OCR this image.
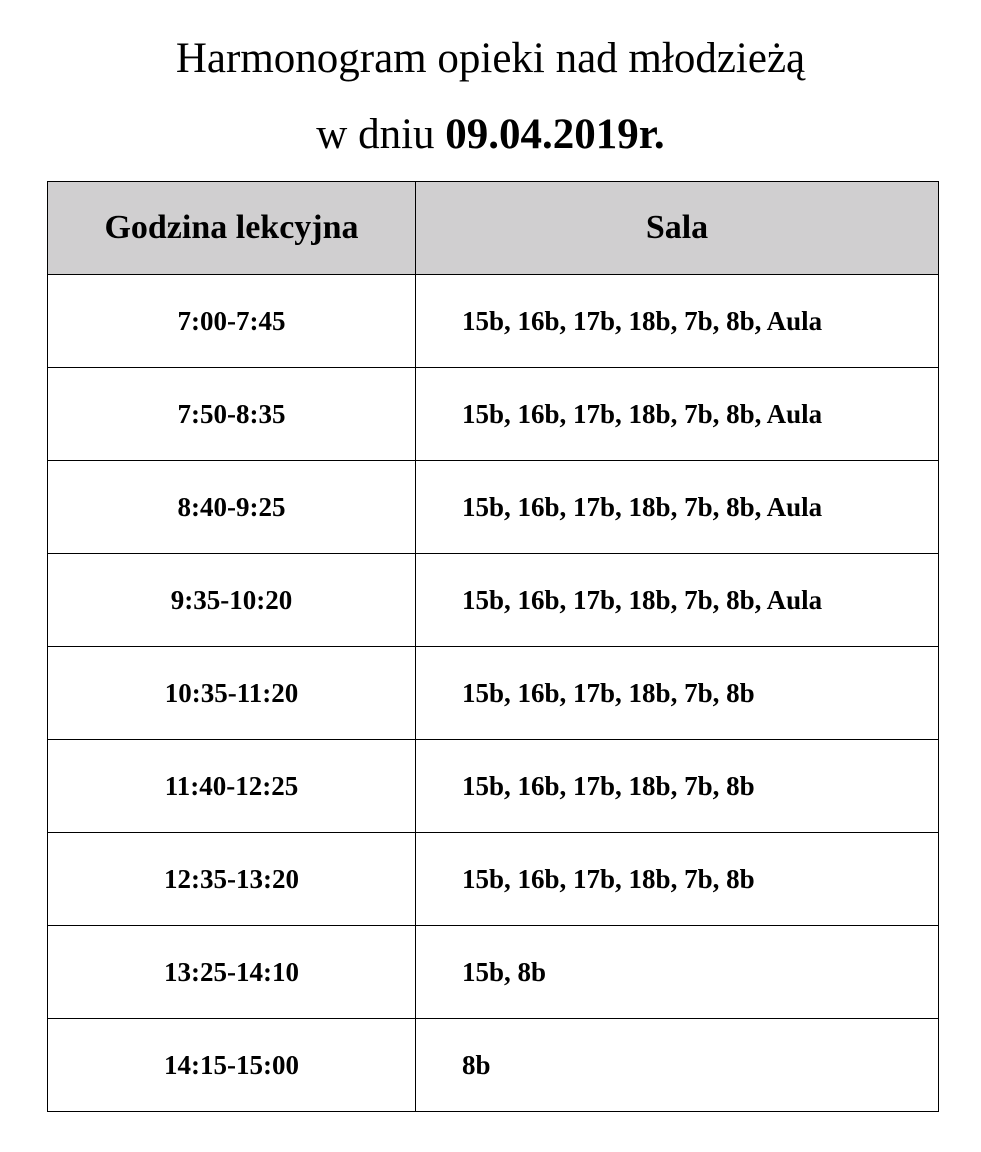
Harmonogram opieki nad młodzieżą
w dniu 09.04.2019r.
Godzina lekcyjna	Sala
7:00-7:45	15b, 16b, 17b, 18b, 7b, 8b, Aula
7:50-8:35	15b, 16b, 17b, 18b, 7b, 8b, Aula
8:40-9:25	15b, 16b, 17b, 18b, 7b, 8b, Aula
9:35-10:20	15b, 16b, 17b, 18b, 7b, 8b, Aula
10:35-11:20	15b, 16b, 17b, 18b, 7b, 8b
11:40-12:25	15b, 16b, 17b, 18b, 7b, 8b
12:35-13:20	15b, 16b, 17b, 18b, 7b, 8b
13:25-14:10	15b, 8b
14:15-15:00	8b
